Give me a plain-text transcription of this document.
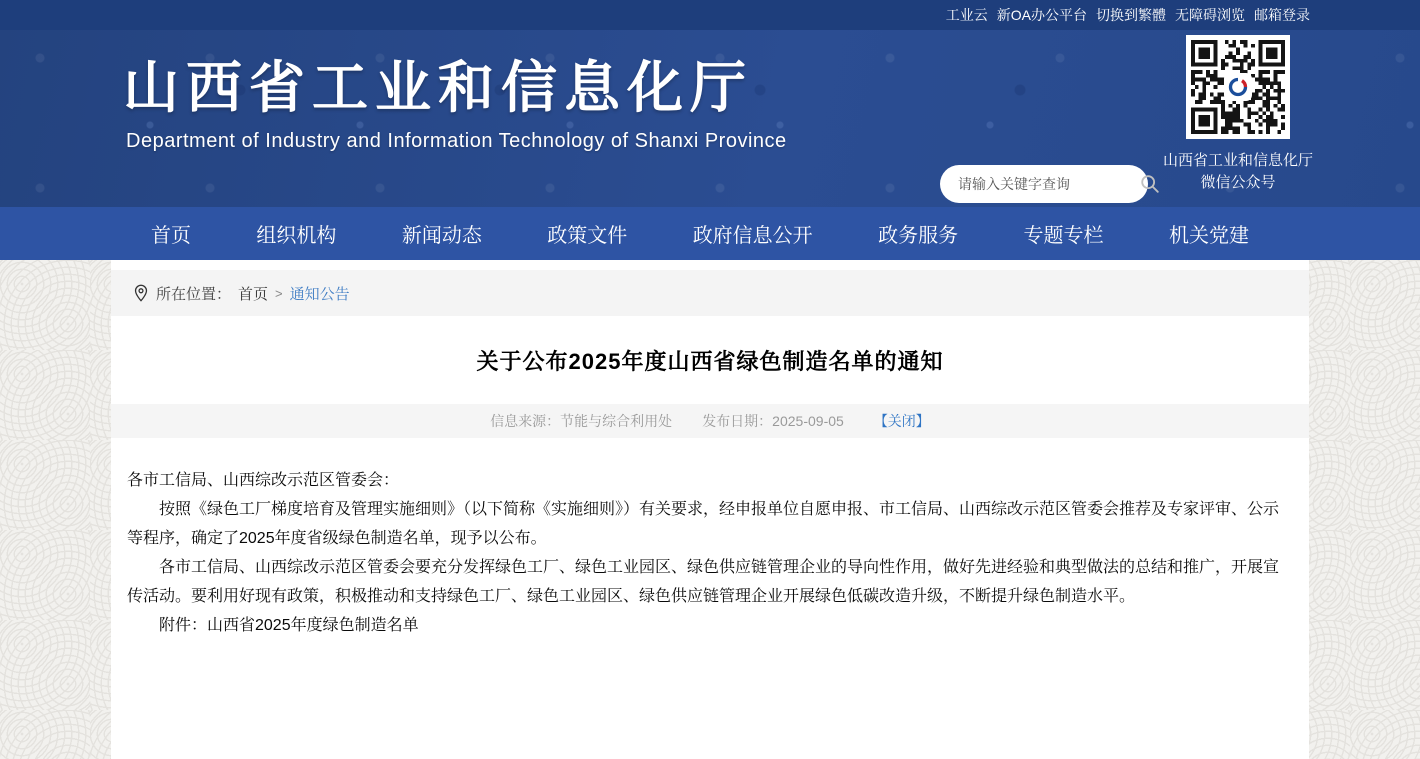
工业云 新OA办公平台 切换到繁體 无障碍浏览 邮箱登录
山西省工业和信息化厅
Department of Industry and Information Technology of Shanxi Province
请输入关键字查询
山西省工业和信息化厅
微信公众号
首页	组织机构	新闻动态	政策文件	政府信息公开	政务服务	专题专栏	机关党建
所在位置： 首页 > 通知公告
关于公布2025年度山西省绿色制造名单的通知
信息来源：节能与综合利用处 发布日期：2025-09-05 【关闭】

各市工信局、山西综改示范区管委会：

按照《绿色工厂梯度培育及管理实施细则》（以下简称《实施细则》）有关要求，经申报单位自愿申报、市工信局、山西综改示范区管委会推荐及专家评审、公示等程序，确定了2025年度省级绿色制造名单，现予以公布。

各市工信局、山西综改示范区管委会要充分发挥绿色工厂、绿色工业园区、绿色供应链管理企业的导向性作用，做好先进经验和典型做法的总结和推广，开展宣传活动。要利用好现有政策，积极推动和支持绿色工厂、绿色工业园区、绿色供应链管理企业开展绿色低碳改造升级，不断提升绿色制造水平。

附件：山西省2025年度绿色制造名单
